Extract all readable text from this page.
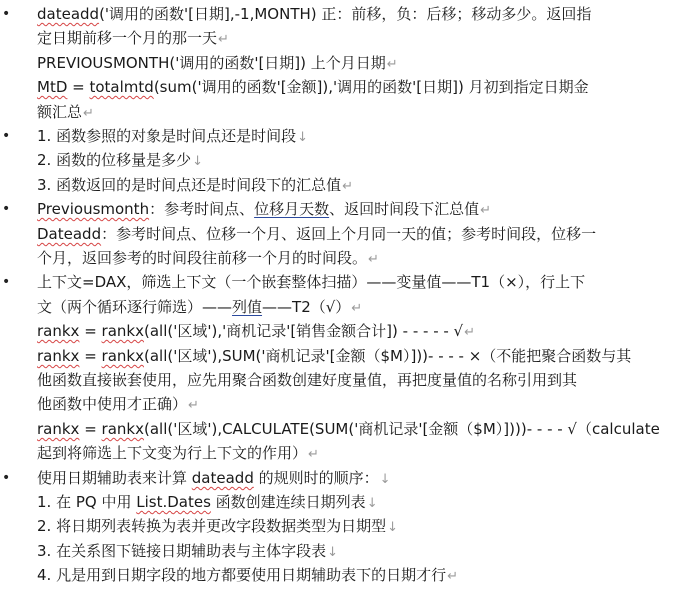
• dateadd('调用的函数'[日期],-1,MONTH) 正：前移，负：后移；移动多少。返回指
定日期前移一个月的那一天↵
PREVIOUSMONTH('调用的函数'[日期]) 上个月日期↵
MtD = totalmtd(sum('调用的函数'[金额]),'调用的函数'[日期]) 月初到指定日期金
额汇总↵
• 1. 函数参照的对象是时间点还是时间段↓
2. 函数的位移量是多少↓
3. 函数返回的是时间点还是时间段下的汇总值↵
• Previousmonth：参考时间点、位移月天数、返回时间段下汇总值↵
Dateadd：参考时间点、位移一个月、返回上个月同一天的值；参考时间段，位移一
个月，返回参考的时间段往前移一个月的时间段。↵
• 上下文=DAX，筛选上下文（一个嵌套整体扫描）——变量值——T1（×），行上下
文（两个循环逐行筛选）——列值——T2（√）↵
rankx = rankx(all('区域'),'商机记录'[销售金额合计]) - - - - - √↵
rankx = rankx(all('区域'),SUM('商机记录'[金额（$M）]))- - - - ×（不能把聚合函数与其
他函数直接嵌套使用，应先用聚合函数创建好度量值，再把度量值的名称引用到其
他函数中使用才正确）↵
rankx = rankx(all('区域'),CALCULATE(SUM('商机记录'[金额（$M）])))- - - - √（calculate
起到将筛选上下文变为行上下文的作用）↵
• 使用日期辅助表来计算 dateadd 的规则时的顺序：↓
1. 在 PQ 中用 List.Dates 函数创建连续日期列表↓
2. 将日期列表转换为表并更改字段数据类型为日期型↓
3. 在关系图下链接日期辅助表与主体字段表↓
4. 凡是用到日期字段的地方都要使用日期辅助表下的日期才行↵
